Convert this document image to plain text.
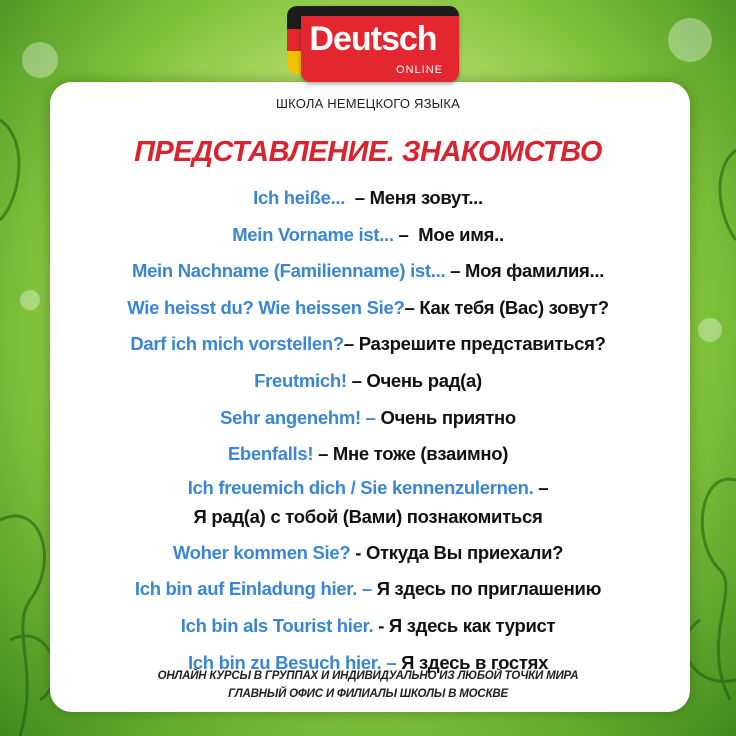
Deutsch
ONLINE
ШКОЛА НЕМЕЦКОГО ЯЗЫКА
ПРЕДСТАВЛЕНИЕ. ЗНАКОМСТВО
Ich heiße...  – Меня зовут...
Mein Vorname ist... –  Мое имя..
Mein Nachname (Familienname) ist... – Моя фамилия...
Wie heisst du? Wie heissen Sie?– Как тебя (Вас) зовут?
Darf ich mich vorstellen?– Разрешите представиться?
Freutmich! – Очень рад(а)
Sehr angenehm! – Очень приятно
Ebenfalls! – Мне тоже (взаимно)
Ich freuemich dich / Sie kennenzulernen. –
Я рад(а) с тобой (Вами) познакомиться
Woher kommen Sie? - Откуда Вы приехали?
Ich bin auf Einladung hier. – Я здесь по приглашению
Ich bin als Tourist hier. - Я здесь как турист
Ich bin zu Besuch hier. – Я здесь в гостях
ОНЛАЙН КУРСЫ В ГРУППАХ И ИНДИВИДУАЛЬНО ИЗ ЛЮБОЙ ТОЧКИ МИРА
ГЛАВНЫЙ ОФИС И ФИЛИАЛЫ ШКОЛЫ В МОСКВЕ
